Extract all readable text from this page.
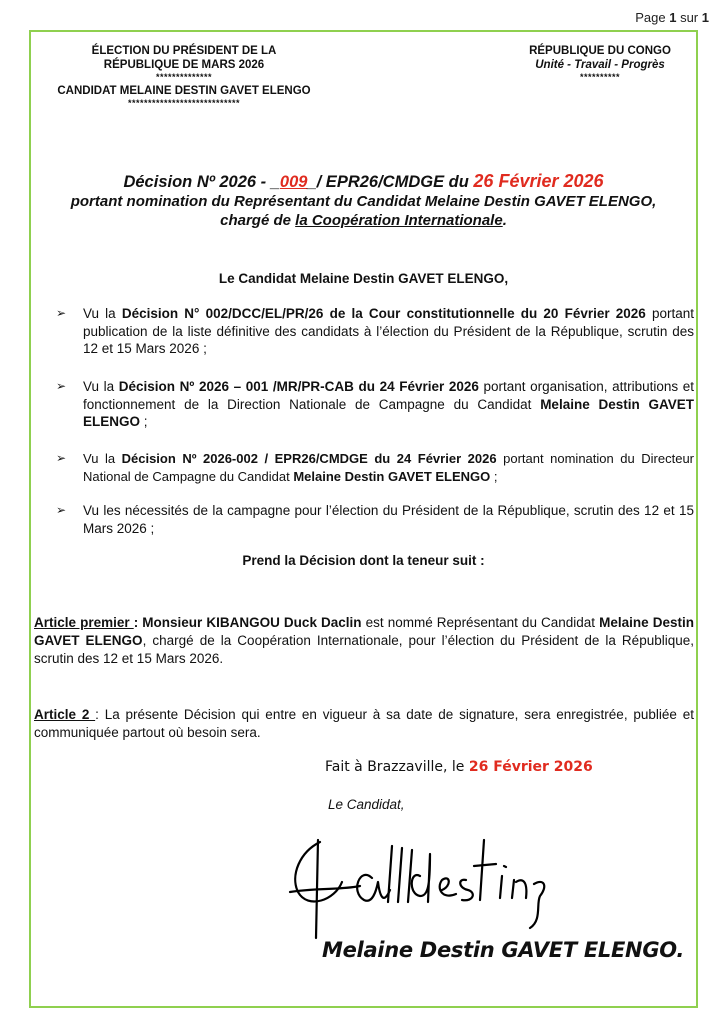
Page 1 sur 1
ÉLECTION DU PRÉSIDENT DE LA
RÉPUBLIQUE DE MARS 2026
**************
CANDIDAT MELAINE DESTIN GAVET ELENGO
****************************
RÉPUBLIQUE DU CONGO
Unité - Travail - Progrès
**********
Décision Nº 2026 - _009_/ EPR26/CMDGE du 26 Février 2026
portant nomination du Représentant du Candidat Melaine Destin GAVET ELENGO,
chargé de la Coopération Internationale.
Le Candidat Melaine Destin GAVET ELENGO,
➢ Vu la Décision N° 002/DCC/EL/PR/26 de la Cour constitutionnelle du 20 Février 2026 portant publication de la liste définitive des candidats à l’élection du Président de la République, scrutin des 12 et 15 Mars 2026 ;
➢ Vu la Décision Nº 2026 – 001 /MR/PR-CAB du 24 Février 2026 portant organisation, attributions et fonctionnement de la Direction Nationale de Campagne du Candidat Melaine Destin GAVET ELENGO ;
➢ Vu la Décision Nº 2026-002 / EPR26/CMDGE du 24 Février 2026 portant nomination du Directeur National de Campagne du Candidat Melaine Destin GAVET ELENGO ;
➢ Vu les nécessités de la campagne pour l’élection du Président de la République, scrutin des 12 et 15 Mars 2026 ;
Prend la Décision dont la teneur suit :
Article premier : Monsieur KIBANGOU Duck Daclin est nommé Représentant du Candidat Melaine Destin GAVET ELENGO, chargé de la Coopération Internationale, pour l’élection du Président de la République, scrutin des 12 et 15 Mars 2026.
Article 2 : La présente Décision qui entre en vigueur à sa date de signature, sera enregistrée, publiée et communiquée partout où besoin sera.
Fait à Brazzaville, le 26 Février 2026
Le Candidat,
Melaine Destin GAVET ELENGO.
